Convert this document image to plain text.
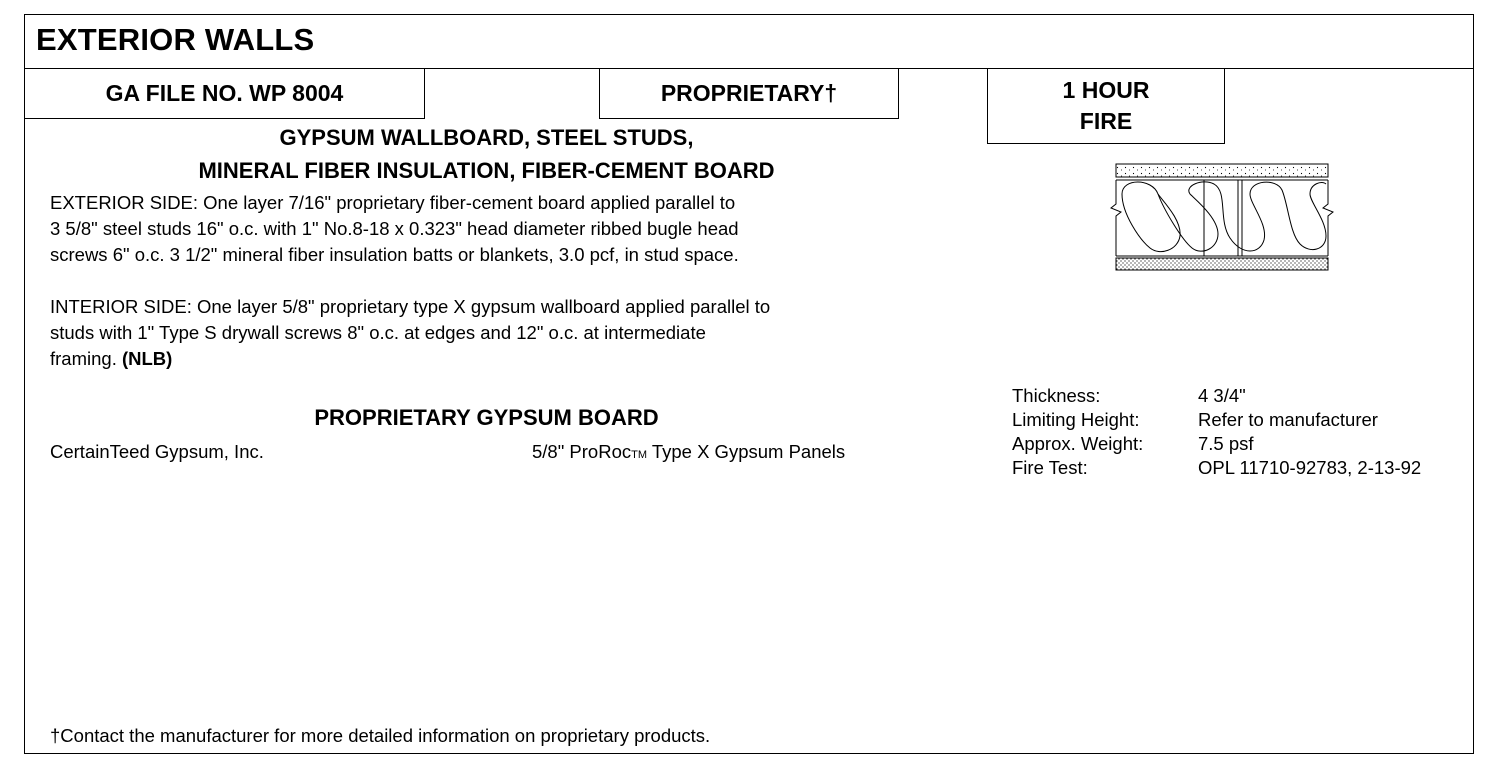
EXTERIOR WALLS
GA FILE NO. WP 8004	PROPRIETARY†	1 HOUR
FIRE
GYPSUM WALLBOARD, STEEL STUDS,
MINERAL FIBER INSULATION, FIBER-CEMENT BOARD
EXTERIOR SIDE: One layer 7/16" proprietary fiber-cement board applied parallel to
3 5/8" steel studs 16" o.c. with 1" No.8-18 x 0.323" head diameter ribbed bugle head
screws 6" o.c. 3 1/2" mineral fiber insulation batts or blankets, 3.0 pcf, in stud space.
INTERIOR SIDE: One layer 5/8" proprietary type X gypsum wallboard applied parallel to
studs with 1" Type S drywall screws 8" o.c. at edges and 12" o.c. at intermediate
framing. (NLB)
PROPRIETARY GYPSUM BOARD
CertainTeed Gypsum, Inc.	5/8" ProRocTM Type X Gypsum Panels
Thickness:	4 3/4"
Limiting Height:	Refer to manufacturer
Approx. Weight:	7.5 psf
Fire Test:	OPL 11710-92783, 2-13-92
†Contact the manufacturer for more detailed information on proprietary products.
